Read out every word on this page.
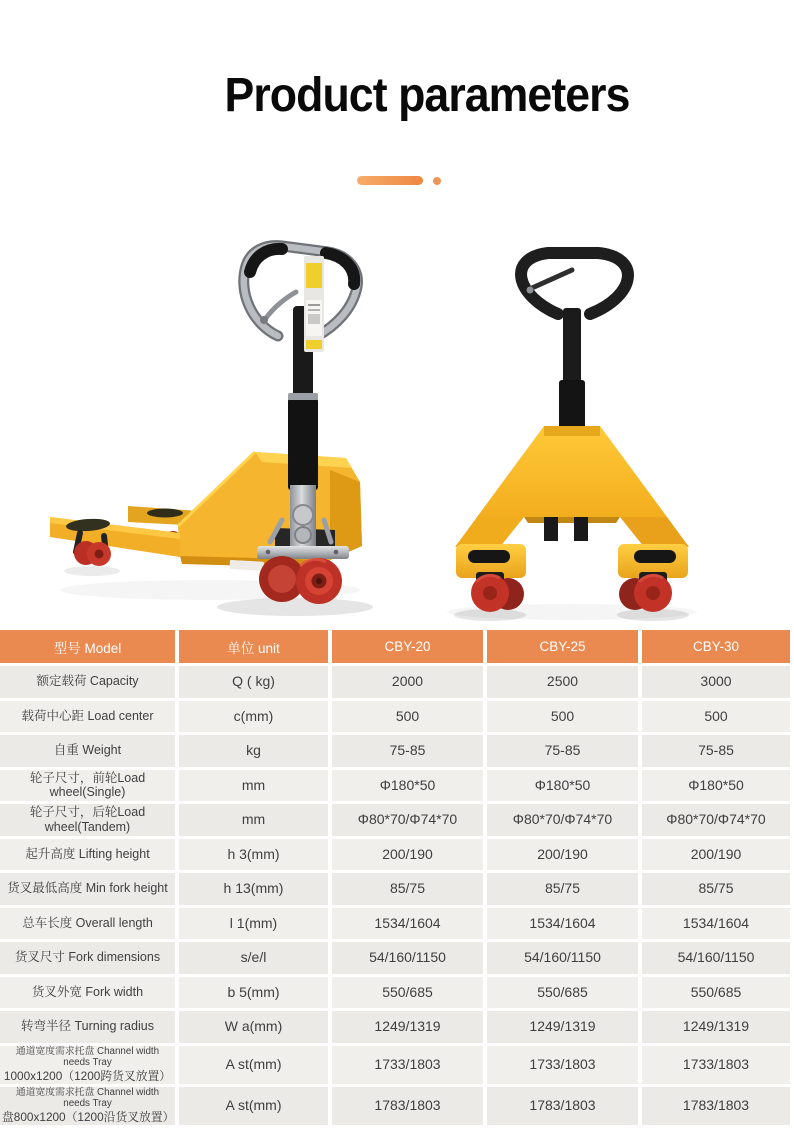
Product parameters
型号 Model	单位 unit	CBY-20	CBY-25	CBY-30

额定载荷 Capacity	Q ( kg)	2000	2500	3000

载荷中心距 Load center	c(mm)	500	500	500

自重 Weight	kg	75-85	75-85	75-85

轮子尺寸，前轮Load wheel(Single)	mm	Φ180*50	Φ180*50	Φ180*50

轮子尺寸，后轮Load wheel(Tandem)	mm	Φ80*70/Φ74*70	Φ80*70/Φ74*70	Φ80*70/Φ74*70

起升高度 Lifting height	h 3(mm)	200/190	200/190	200/190

货叉最低高度 Min fork height	h 13(mm)	85/75	85/75	85/75

总车长度 Overall length	l 1(mm)	1534/1604	1534/1604	1534/1604

货叉尺寸 Fork dimensions	s/e/l	54/160/1150	54/160/1150	54/160/1150

货叉外宽 Fork width	b 5(mm)	550/685	550/685	550/685

转弯半径 Turning radius	W a(mm)	1249/1319	1249/1319	1249/1319

通道宽度需求托盘 Channel width needs Tray
1000x1200（1200跨货叉放置）	A st(mm)	1733/1803	1733/1803	1733/1803

通道宽度需求托盘 Channel width needs Tray
盘800x1200（1200沿货叉放置）	A st(mm)	1783/1803	1783/1803	1783/1803
